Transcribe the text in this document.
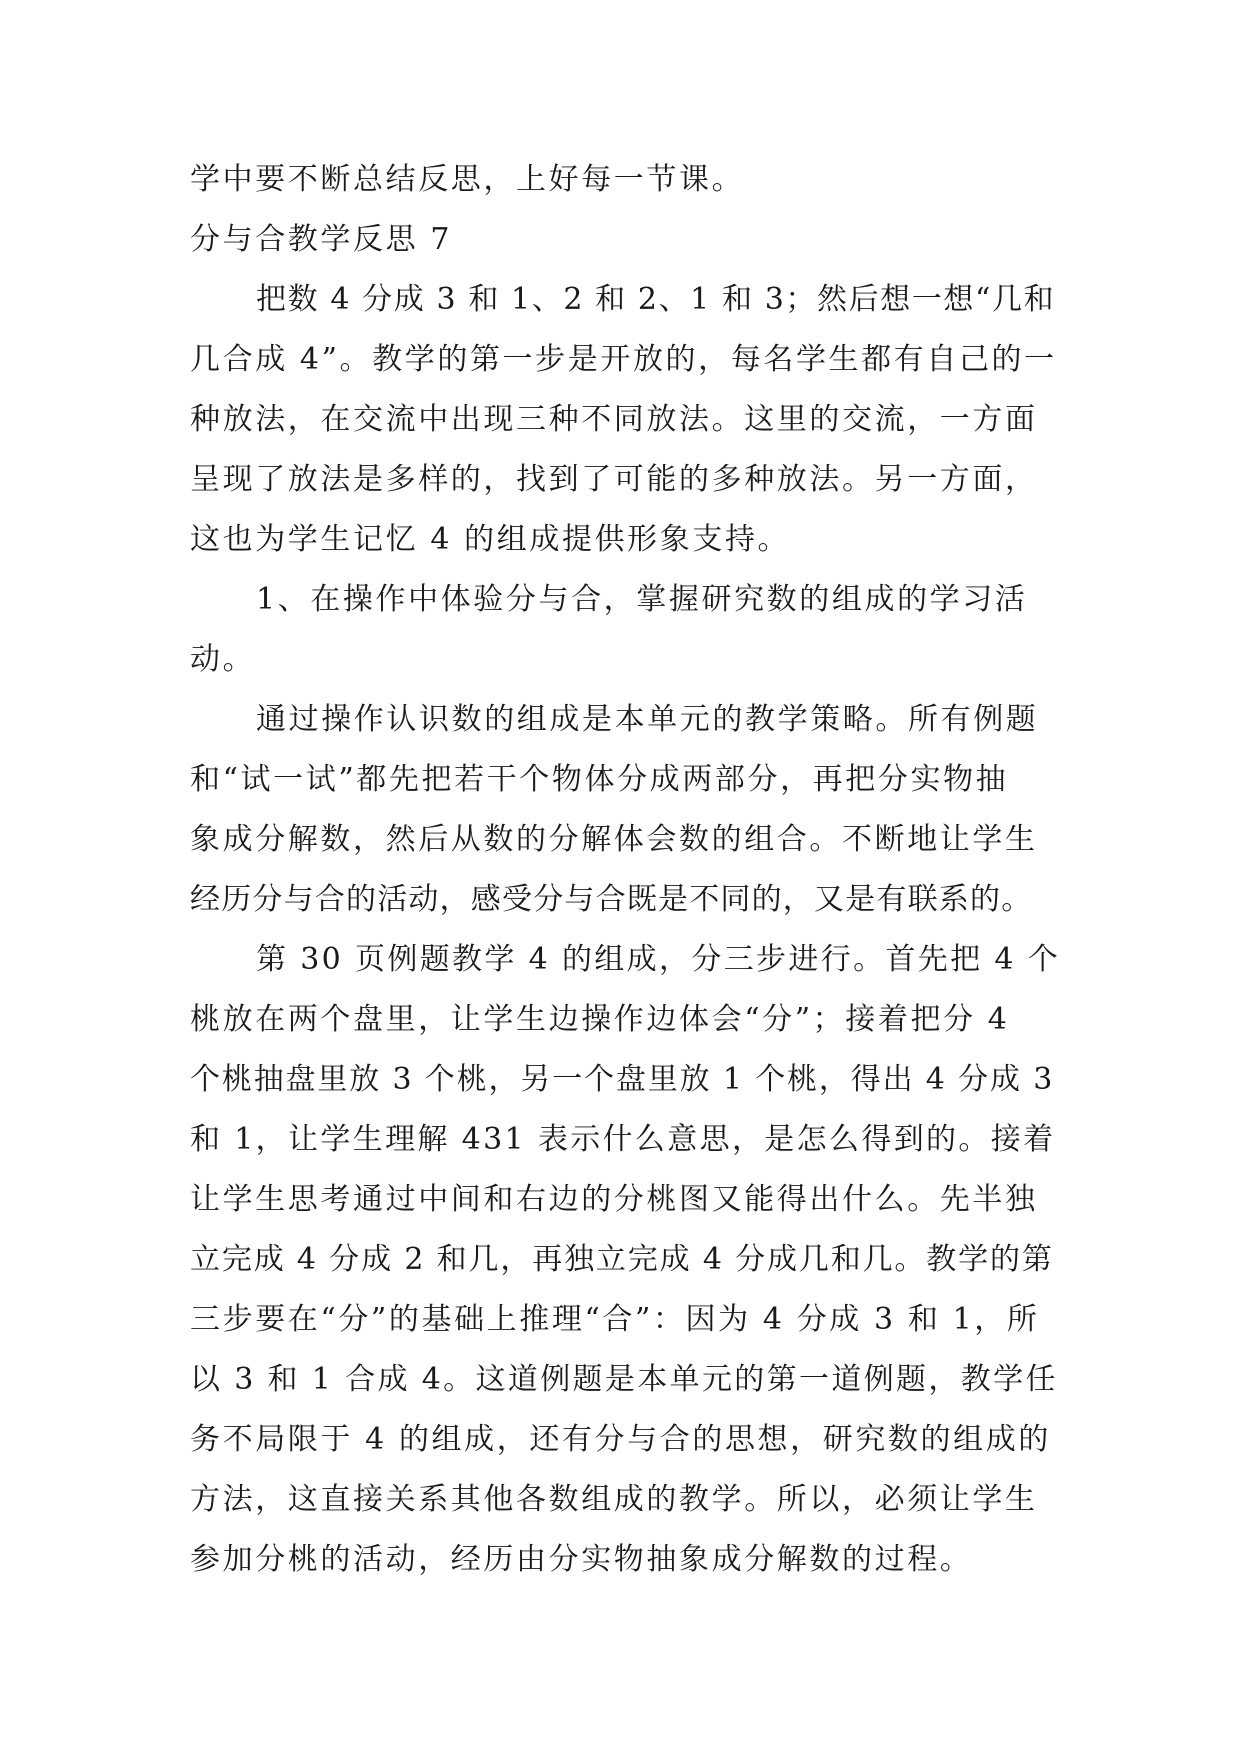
学中要不断总结反思，上好每一节课。
分与合教学反思 7
把数 4 分成 3 和 1、2 和 2、1 和 3；然后想一想“几和
几合成 4”。教学的第一步是开放的，每名学生都有自己的一
种放法，在交流中出现三种不同放法。这里的交流，一方面
呈现了放法是多样的，找到了可能的多种放法。另一方面，
这也为学生记忆 4 的组成提供形象支持。
1、在操作中体验分与合，掌握研究数的组成的学习活
动。
通过操作认识数的组成是本单元的教学策略。所有例题
和“试一试”都先把若干个物体分成两部分，再把分实物抽
象成分解数，然后从数的分解体会数的组合。不断地让学生
经历分与合的活动，感受分与合既是不同的，又是有联系的。
第 30 页例题教学 4 的组成，分三步进行。首先把 4 个
桃放在两个盘里，让学生边操作边体会“分”；接着把分 4
个桃抽盘里放 3 个桃，另一个盘里放 1 个桃，得出 4 分成 3
和 1，让学生理解 431 表示什么意思，是怎么得到的。接着
让学生思考通过中间和右边的分桃图又能得出什么。先半独
立完成 4 分成 2 和几，再独立完成 4 分成几和几。教学的第
三步要在“分”的基础上推理“合”：因为 4 分成 3 和 1，所
以 3 和 1 合成 4。这道例题是本单元的第一道例题，教学任
务不局限于 4 的组成，还有分与合的思想，研究数的组成的
方法，这直接关系其他各数组成的教学。所以，必须让学生
参加分桃的活动，经历由分实物抽象成分解数的过程。
